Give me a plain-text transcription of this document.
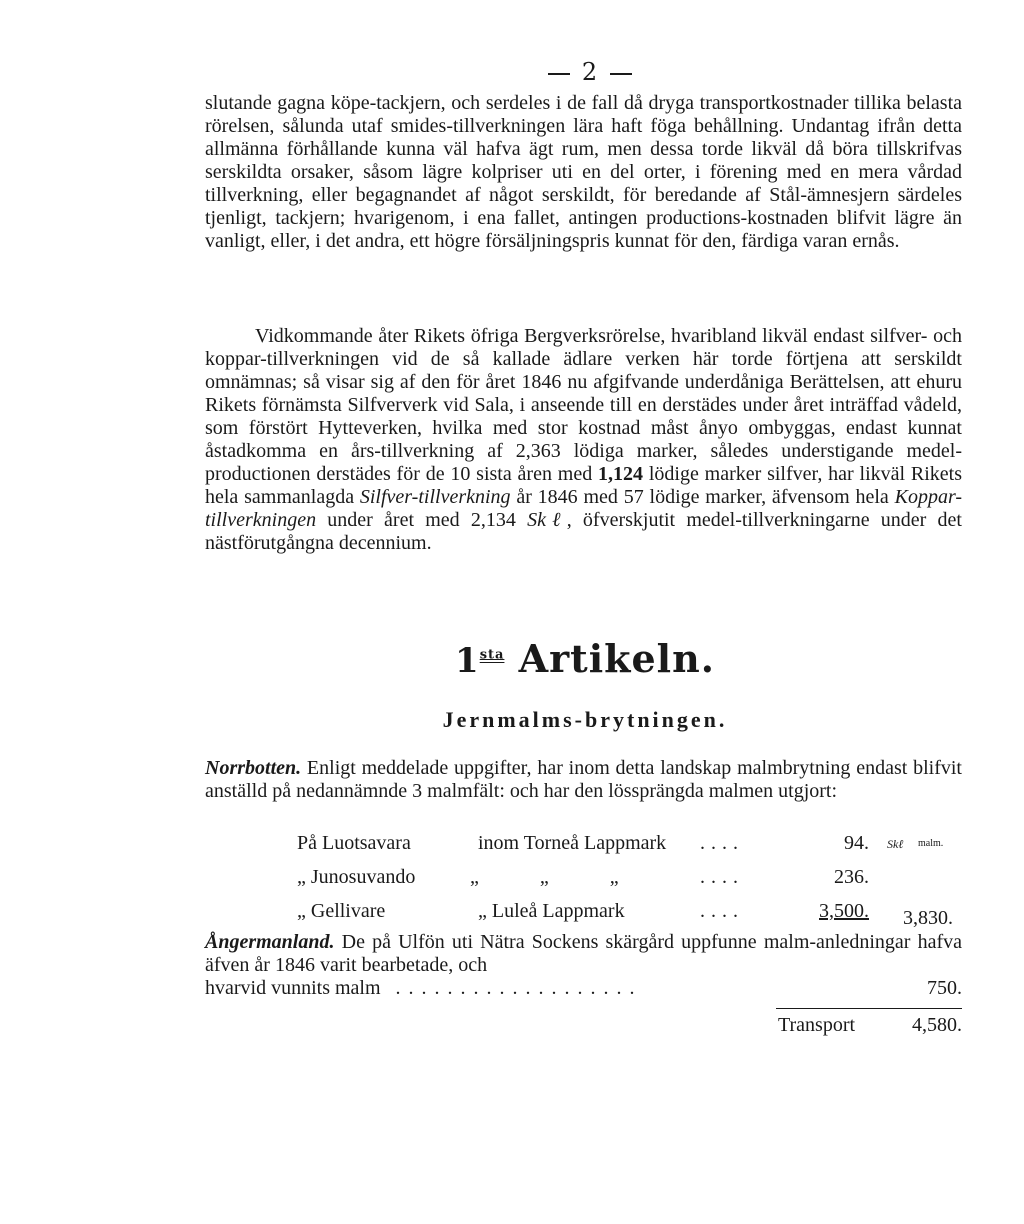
2
slutande gagna köpe-tackjern, och serdeles i de fall då dryga transportkostnader tillika belasta rörelsen, sålunda utaf smides-tillverkningen lära haft föga behållning. Undantag ifrån detta allmänna förhållande kunna väl hafva ägt rum, men dessa torde likväl då böra tillskrifvas serskildta orsaker, såsom lägre kolpriser uti en del orter, i förening med en mera vårdad tillverkning, eller begagnandet af något serskildt, för beredande af Stål-ämnesjern särdeles tjenligt, tackjern; hvarigenom, i ena fallet, antingen productions-kostnaden blifvit lägre än vanligt, eller, i det andra, ett högre försäljningspris kunnat för den, färdiga varan ernås.
Vidkommande åter Rikets öfriga Bergverksrörelse, hvaribland likväl endast silfver- och koppar-tillverkningen vid de så kallade ädlare verken här torde förtjena att serskildt omnämnas; så visar sig af den för året 1846 nu afgifvande underdåniga Berättelsen, att ehuru Rikets förnämsta Silfververk vid Sala, i anseende till en derstädes under året inträffad vådeld, som förstört Hytteverken, hvilka med stor kostnad måst ånyo ombyggas, endast kunnat åstadkomma en års-tillverkning af 2,363 lödiga marker, således understigande medel-productionen derstädes för de 10 sista åren med 1,124 lödige marker silfver, har likväl Rikets hela sammanlagda Silfver-tillverkning år 1846 med 57 lödige marker, äfvensom hela Koppar-tillverkningen under året med 2,134 Skℓ, öfverskjutit medel-tillverkningarne under det nästförutgångna decennium.
$1^{sta}$ Artikeln.
Jernmalms-brytningen.
Norrbotten. Enligt meddelade uppgifter, har inom detta landskap malmbrytning endast blifvit anställd på nedannämnde 3 malmfält: och har den lössprängda malmen utgjort:
På Luotsavara	inom Torneå Lappmark ....	94. Skℓ malm.
„ Junosuvando	„ „ „	....	236.
„ Gellivare	„ Luleå Lappmark	....	3,500. 3,830.
Ångermanland. De på Ulfön uti Nätra Sockens skärgård uppfunne malm-anledningar hafva äfven år 1846 varit bearbetade, och
hvarvid vunnits malm ...................	750.
Transport	4,580.
